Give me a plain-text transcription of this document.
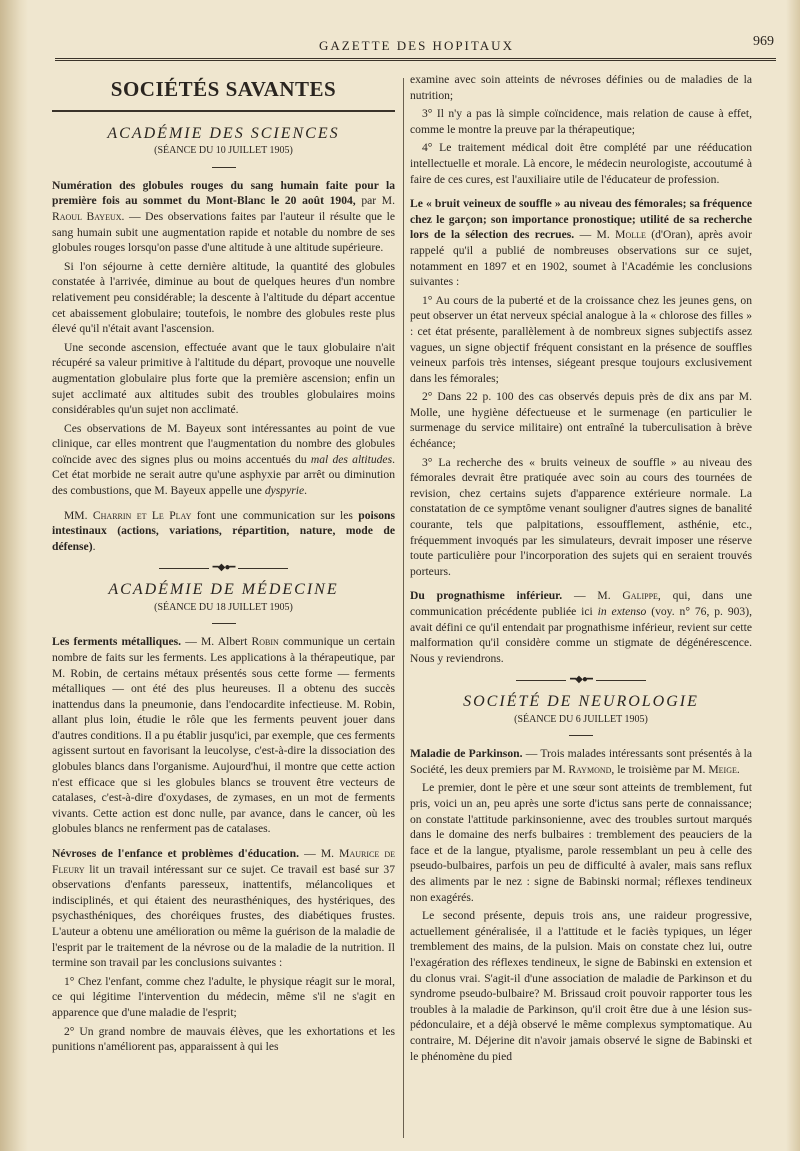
GAZETTE DES HOPITAUX	969
SOCIÉTÉS SAVANTES
ACADÉMIE DES SCIENCES
(SÉANCE DU 10 JUILLET 1905)

Numération des globules rouges du sang humain faite pour la première fois au sommet du Mont-Blanc le 20 août 1904, par M. Raoul Bayeux. — Des observations faites par l'auteur il résulte que le sang humain subit une augmentation rapide et notable du nombre de ses globules rouges lorsqu'on passe d'une altitude à une altitude supérieure.

Si l'on séjourne à cette dernière altitude, la quantité des globules constatée à l'arrivée, diminue au bout de quelques heures d'un nombre relativement peu considérable; la descente à l'altitude du départ accentue cet abaissement globulaire; toutefois, le nombre des globules reste plus élevé qu'il n'était avant l'ascension.

Une seconde ascension, effectuée avant que le taux globulaire n'ait récupéré sa valeur primitive à l'altitude du départ, provoque une nouvelle augmentation globulaire plus forte que la première ascension; enfin un sujet acclimaté aux altitudes subit des troubles globulaires moins considérables qu'un sujet non acclimaté.

Ces observations de M. Bayeux sont intéressantes au point de vue clinique, car elles montrent que l'augmentation du nombre des globules coïncide avec des signes plus ou moins accentués du mal des altitudes. Cet état morbide ne serait autre qu'une asphyxie par arrêt ou diminution des combustions, que M. Bayeux appelle une dyspyrie.

MM. Charrin et Le Play font une communication sur les poisons intestinaux (actions, variations, répartition, nature, mode de défense).

━◆●━
ACADÉMIE DE MÉDECINE
(SÉANCE DU 18 JUILLET 1905)

Les ferments métalliques. — M. Albert Robin communique un certain nombre de faits sur les ferments. Les applications à la thérapeutique, par M. Robin, de certains métaux présentés sous cette forme — ferments métalliques — ont été des plus heureuses. Il a obtenu des succès inattendus dans la pneumonie, dans l'endocardite infectieuse. M. Robin, allant plus loin, étudie le rôle que les ferments peuvent jouer dans d'autres conditions. Il a pu établir jusqu'ici, par exemple, que ces ferments agissent surtout en favorisant la leucolyse, c'est-à-dire la dissociation des globules blancs dans l'organisme. Aujourd'hui, il montre que cette action n'est efficace que si les globules blancs se trouvent être vecteurs de catalases, c'est-à-dire d'oxydases, de zymases, en un mot de ferments vivants. Cette action est donc nulle, par avance, dans le cancer, où les globules blancs ne renferment pas de catalases.

Névroses de l'enfance et problèmes d'éducation. — M. Maurice de Fleury lit un travail intéressant sur ce sujet. Ce travail est basé sur 37 observations d'enfants paresseux, inattentifs, mélancoliques et indisciplinés, et qui étaient des neurasthéniques, des hystériques, des psychasthéniques, des choréiques frustes, des diabétiques frustes. L'auteur a obtenu une amélioration ou même la guérison de la maladie de l'esprit par le traitement de la névrose ou de la maladie de la nutrition. Il termine son travail par les conclusions suivantes :

1° Chez l'enfant, comme chez l'adulte, le physique réagit sur le moral, ce qui légitime l'intervention du médecin, même s'il ne s'agit en apparence que d'une maladie de l'esprit;

2° Un grand nombre de mauvais élèves, que les exhortations et les punitions n'améliorent pas, apparaissent à qui les

examine avec soin atteints de névroses définies ou de maladies de la nutrition;

3° Il n'y a pas là simple coïncidence, mais relation de cause à effet, comme le montre la preuve par la thérapeutique;

4° Le traitement médical doit être complété par une rééducation intellectuelle et morale. Là encore, le médecin neurologiste, accoutumé à faire de ces cures, est l'auxiliaire utile de l'éducateur de profession.

Le « bruit veineux de souffle » au niveau des fémorales; sa fréquence chez le garçon; son importance pronostique; utilité de sa recherche lors de la sélection des recrues. — M. Molle (d'Oran), après avoir rappelé qu'il a publié de nombreuses observations sur ce sujet, notamment en 1897 et en 1902, soumet à l'Académie les conclusions suivantes :

1° Au cours de la puberté et de la croissance chez les jeunes gens, on peut observer un état nerveux spécial analogue à la « chlorose des filles » : cet état présente, parallèlement à de nombreux signes subjectifs assez vagues, un signe objectif fréquent consistant en la présence de souffles veineux parfois très intenses, siégeant presque toujours exclusivement dans les fémorales;

2° Dans 22 p. 100 des cas observés depuis près de dix ans par M. Molle, une hygiène défectueuse et le surmenage (en particulier le surmenage du service militaire) ont entraîné la tuberculisation à brève échéance;

3° La recherche des « bruits veineux de souffle » au niveau des fémorales devrait être pratiquée avec soin au cours des tournées de revision, chez certains sujets d'apparence extérieure normale. La constatation de ce symptôme venant souligner d'autres signes de banalité courante, tels que palpitations, essoufflement, asthénie, etc., fréquemment invoqués par les simulateurs, devrait imposer une réserve toute particulière pour l'incorporation des sujets qui en seraient trouvés porteurs.

Du prognathisme inférieur. — M. Galippe, qui, dans une communication précédente publiée ici in extenso (voy. n° 76, p. 903), avait défini ce qu'il entendait par prognathisme inférieur, revient sur cette malformation qu'il considère comme un stigmate de dégénérescence. Nous y reviendrons.

━◆●━
SOCIÉTÉ DE NEUROLOGIE
(SÉANCE DU 6 JUILLET 1905)

Maladie de Parkinson. — Trois malades intéressants sont présentés à la Société, les deux premiers par M. Raymond, le troisième par M. Meige.

Le premier, dont le père et une sœur sont atteints de tremblement, fut pris, voici un an, peu après une sorte d'ictus sans perte de connaissance; on constate l'attitude parkinsonienne, avec des troubles surtout marqués dans le domaine des nerfs bulbaires : tremblement des peauciers de la face et de la langue, ptyalisme, parole ressemblant un peu à celle des pseudo-bulbaires, parfois un peu de difficulté à avaler, mais sans reflux des aliments par le nez : signe de Babinski normal; réflexes tendineux non exagérés.

Le second présente, depuis trois ans, une raideur progressive, actuellement généralisée, il a l'attitude et le faciès typiques, un léger tremblement des mains, de la pulsion. Mais on constate chez lui, outre l'exagération des réflexes tendineux, le signe de Babinski en extension et du clonus vrai. S'agit-il d'une association de maladie de Parkinson et du syndrome pseudo-bulbaire? M. Brissaud croit pouvoir rapporter tous les troubles à la maladie de Parkinson, qu'il croit être due à une lésion sus-pédonculaire, et a déjà observé le même complexus symptomatique. Au contraire, M. Déjerine dit n'avoir jamais observé le signe de Babinski et le phénomène du pied
